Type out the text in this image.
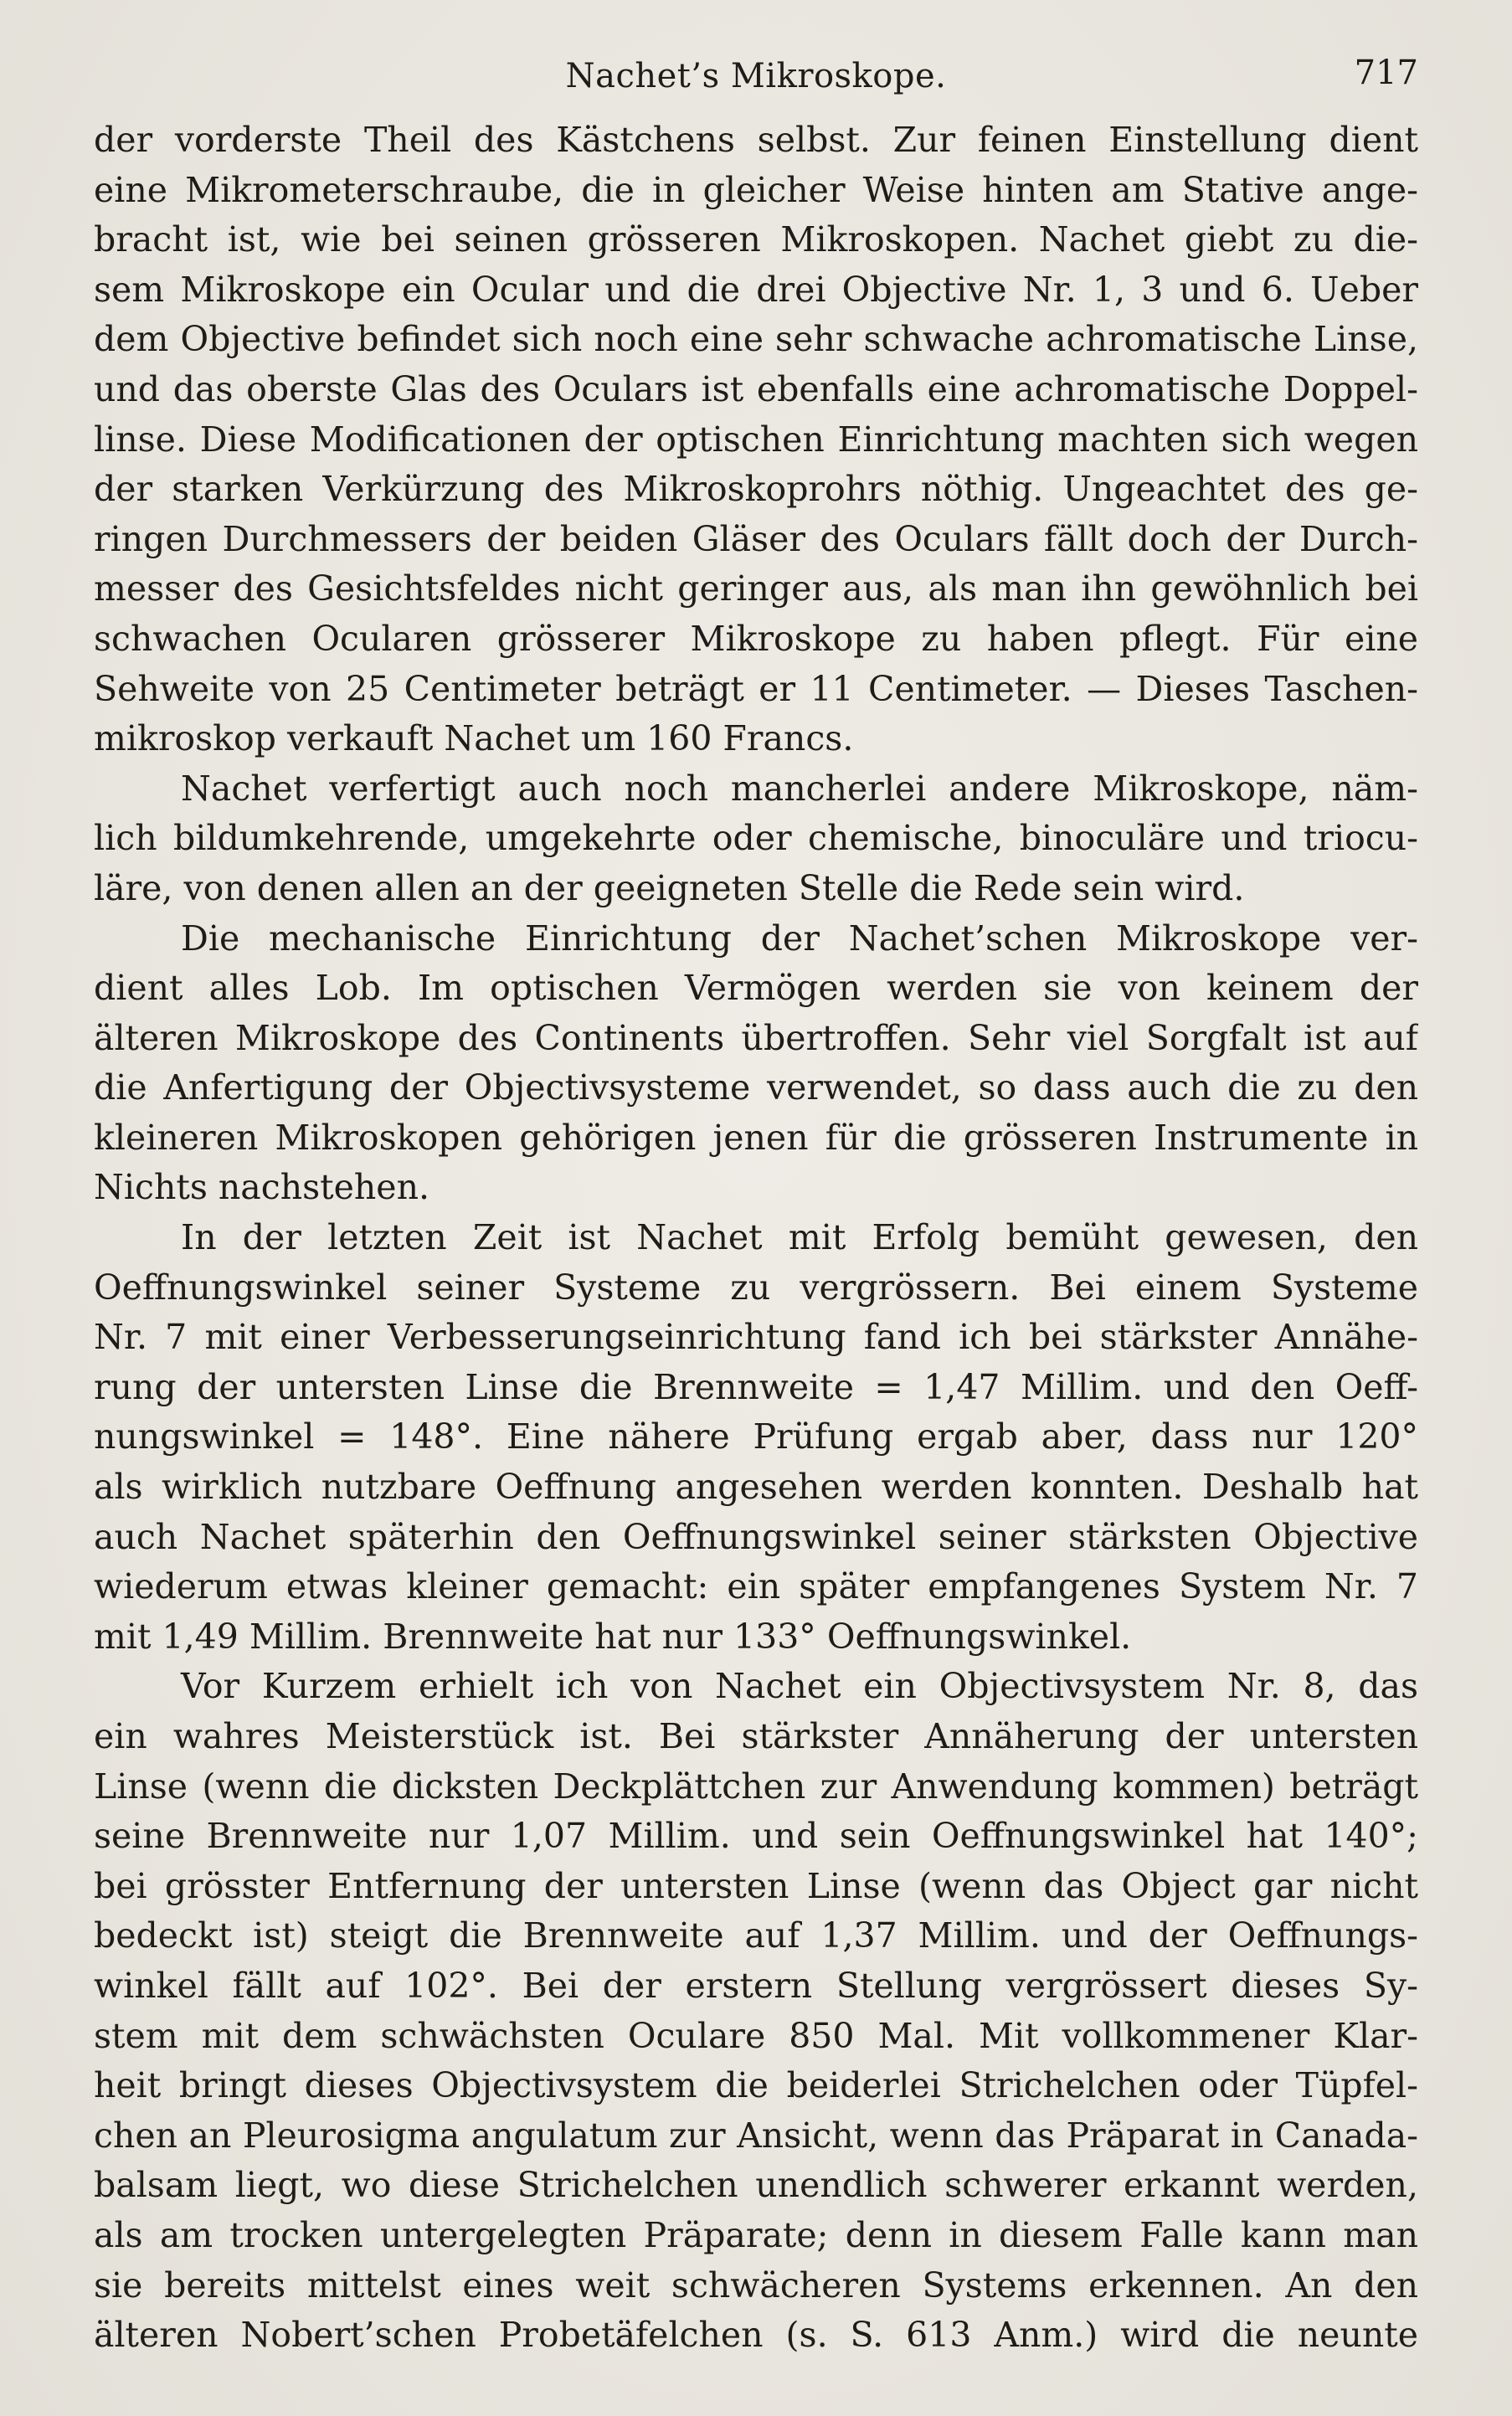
Nachet’s Mikroskope.	717
der vorderste Theil des Kästchens selbst. Zur feinen Einstellung dient
eine Mikrometerschraube, die in gleicher Weise hinten am Stative ange-
bracht ist, wie bei seinen grösseren Mikroskopen. Nachet giebt zu die-
sem Mikroskope ein Ocular und die drei Objective Nr. 1, 3 und 6. Ueber
dem Objective befindet sich noch eine sehr schwache achromatische Linse,
und das oberste Glas des Oculars ist ebenfalls eine achromatische Doppel-
linse. Diese Modificationen der optischen Einrichtung machten sich wegen
der starken Verkürzung des Mikroskoprohrs nöthig. Ungeachtet des ge-
ringen Durchmessers der beiden Gläser des Oculars fällt doch der Durch-
messer des Gesichtsfeldes nicht geringer aus, als man ihn gewöhnlich bei
schwachen Ocularen grösserer Mikroskope zu haben pflegt. Für eine
Sehweite von 25 Centimeter beträgt er 11 Centimeter. — Dieses Taschen-
mikroskop verkauft Nachet um 160 Francs.
Nachet verfertigt auch noch mancherlei andere Mikroskope, näm-
lich bildumkehrende, umgekehrte oder chemische, binoculäre und triocu-
läre, von denen allen an der geeigneten Stelle die Rede sein wird.
Die mechanische Einrichtung der Nachet’schen Mikroskope ver-
dient alles Lob. Im optischen Vermögen werden sie von keinem der
älteren Mikroskope des Continents übertroffen. Sehr viel Sorgfalt ist auf
die Anfertigung der Objectivsysteme verwendet, so dass auch die zu den
kleineren Mikroskopen gehörigen jenen für die grösseren Instrumente in
Nichts nachstehen.
In der letzten Zeit ist Nachet mit Erfolg bemüht gewesen, den
Oeffnungswinkel seiner Systeme zu vergrössern. Bei einem Systeme
Nr. 7 mit einer Verbesserungseinrichtung fand ich bei stärkster Annähe-
rung der untersten Linse die Brennweite = 1,47 Millim. und den Oeff-
nungswinkel = 148°. Eine nähere Prüfung ergab aber, dass nur 120°
als wirklich nutzbare Oeffnung angesehen werden konnten. Deshalb hat
auch Nachet späterhin den Oeffnungswinkel seiner stärksten Objective
wiederum etwas kleiner gemacht: ein später empfangenes System Nr. 7
mit 1,49 Millim. Brennweite hat nur 133° Oeffnungswinkel.
Vor Kurzem erhielt ich von Nachet ein Objectivsystem Nr. 8, das
ein wahres Meisterstück ist. Bei stärkster Annäherung der untersten
Linse (wenn die dicksten Deckplättchen zur Anwendung kommen) beträgt
seine Brennweite nur 1,07 Millim. und sein Oeffnungswinkel hat 140°;
bei grösster Entfernung der untersten Linse (wenn das Object gar nicht
bedeckt ist) steigt die Brennweite auf 1,37 Millim. und der Oeffnungs-
winkel fällt auf 102°. Bei der erstern Stellung vergrössert dieses Sy-
stem mit dem schwächsten Oculare 850 Mal. Mit vollkommener Klar-
heit bringt dieses Objectivsystem die beiderlei Strichelchen oder Tüpfel-
chen an Pleurosigma angulatum zur Ansicht, wenn das Präparat in Canada-
balsam liegt, wo diese Strichelchen unendlich schwerer erkannt werden,
als am trocken untergelegten Präparate; denn in diesem Falle kann man
sie bereits mittelst eines weit schwächeren Systems erkennen. An den
älteren Nobert’schen Probetäfelchen (s. S. 613 Anm.) wird die neunte
